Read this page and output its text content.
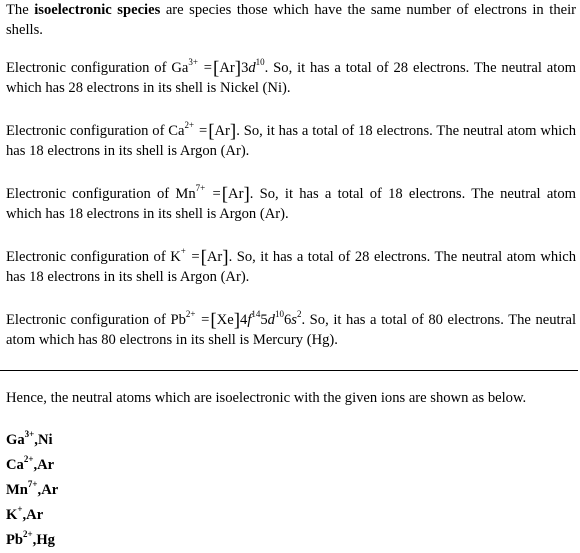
The isoelectronic species are species those which have the same number of electrons in their shells.

Electronic configuration of $Ga^{3+} =[Ar]3d^{10}$. So, it has a total of 28 electrons. The neutral atom which has 28 electrons in its shell is Nickel (Ni).

Electronic configuration of $Ca^{2+} =[Ar]$. So, it has a total of 18 electrons. The neutral atom which has 18 electrons in its shell is Argon (Ar).

Electronic configuration of $Mn^{7+} =[Ar]$. So, it has a total of 18 electrons. The neutral atom which has 18 electrons in its shell is Argon (Ar).

Electronic configuration of K+ =[Ar]. So, it has a total of 28 electrons. The neutral atom which has 18 electrons in its shell is Argon (Ar).

Electronic configuration of $Pb^{2+} =[Xe]4f^{14}5d^{10}6s^2$. So, it has a total of 80 electrons. The neutral atom which has 80 electrons in its shell is Mercury (Hg).

Hence, the neutral atoms which are isoelectronic with the given ions are shown as below.

$Ga^{3+},Ni$
$Ca^{2+},Ar$
$Mn^{7+},Ar$
K+,Ar
$Pb^{2+},Hg$
